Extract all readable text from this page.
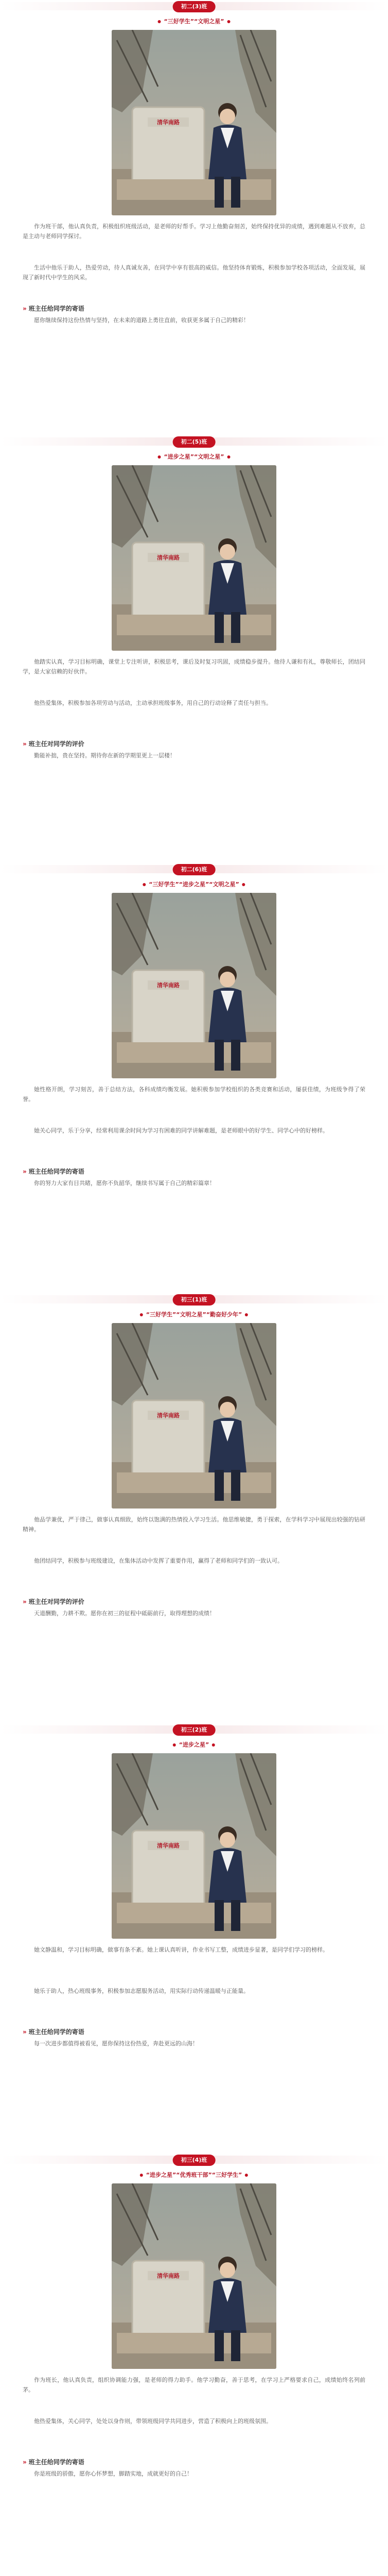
初二(3)班
“三好学生”“文明之星”
清华南路
作为班干部，他认真负责，积极组织班级活动，是老师的好帮手。学习上他勤奋刻苦，始终保持优异的成绩，遇到难题从不放弃，总是主动与老师同学探讨。
生活中他乐于助人，热爱劳动，待人真诚友善，在同学中享有很高的威信。他坚持体育锻炼，积极参加学校各项活动，全面发展，展现了新时代中学生的风采。
» 班主任给同学的寄语
愿你继续保持这份热情与坚持，在未来的道路上勇往直前，收获更多属于自己的精彩！
初二(5)班
“进步之星”“文明之星”
清华南路
他踏实认真，学习目标明确，课堂上专注听讲，积极思考，课后及时复习巩固，成绩稳步提升。他待人谦和有礼，尊敬师长，团结同学，是大家信赖的好伙伴。
他热爱集体，积极参加各项劳动与活动，主动承担班级事务，用自己的行动诠释了责任与担当。
» 班主任对同学的评价
勤能补拙，贵在坚持。期待你在新的学期里更上一层楼！
初二(6)班
“三好学生”“进步之星”“文明之星”
清华南路
她性格开朗，学习刻苦，善于总结方法，各科成绩均衡发展。她积极参加学校组织的各类竞赛和活动，屡获佳绩，为班级争得了荣誉。
她关心同学，乐于分享，经常利用课余时间为学习有困难的同学讲解难题，是老师眼中的好学生、同学心中的好榜样。
» 班主任给同学的寄语
你的努力大家有目共睹，愿你不负韶华，继续书写属于自己的精彩篇章！
初三(1)班
“三好学生”“文明之星”“勤奋好少年”
清华南路
他品学兼优，严于律己，做事认真细致，始终以饱满的热情投入学习生活。他思维敏捷，勇于探索，在学科学习中展现出较强的钻研精神。
他团结同学，积极参与班级建设，在集体活动中发挥了重要作用，赢得了老师和同学们的一致认可。
» 班主任对同学的评价
天道酬勤，力耕不欺。愿你在初三的征程中砥砺前行，取得理想的成绩！
初三(2)班
“进步之星”
清华南路
她文静温和，学习目标明确，做事有条不紊。她上课认真听讲，作业书写工整，成绩进步显著，是同学们学习的榜样。
她乐于助人，热心班级事务，积极参加志愿服务活动，用实际行动传递温暖与正能量。
» 班主任给同学的寄语
每一次进步都值得被看见，愿你保持这份热爱，奔赴更远的山海！
初三(4)班
“进步之星”“优秀班干部”“三好学生”
清华南路
作为班长，他认真负责，组织协调能力强，是老师的得力助手。他学习勤奋，善于思考，在学习上严格要求自己，成绩始终名列前茅。
他热爱集体，关心同学，处处以身作则，带领班级同学共同进步，营造了积极向上的班级氛围。
» 班主任给同学的寄语
你是班级的骄傲，愿你心怀梦想，脚踏实地，成就更好的自己！
